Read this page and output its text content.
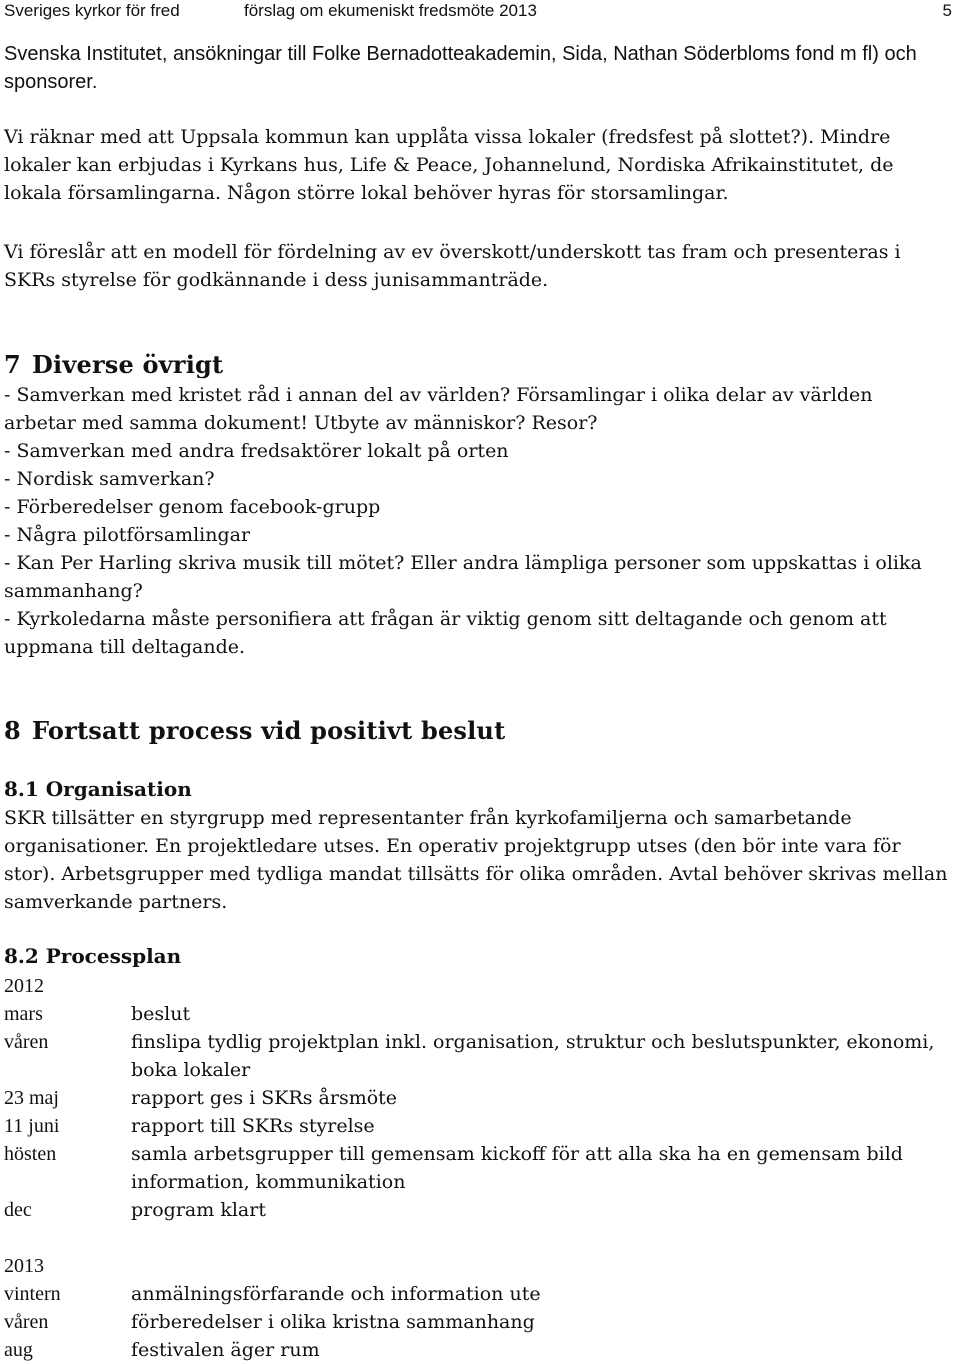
Sveriges kyrkor för fred	förslag om ekumeniskt fredsmöte 2013	5

Svenska Institutet, ansökningar till Folke Bernadotteakademin, Sida, Nathan Söderbloms fond m fl) och sponsorer.

Vi räknar med att Uppsala kommun kan upplåta vissa lokaler (fredsfest på slottet?). Mindre lokaler kan erbjudas i Kyrkans hus, Life & Peace, Johannelund, Nordiska Afrikainstitutet, de lokala församlingarna. Någon större lokal behöver hyras för storsamlingar.

Vi föreslår att en modell för fördelning av ev överskott/underskott tas fram och presenteras i SKRs styrelse för godkännande i dess junisammanträde.

7 Diverse övrigt

- Samverkan med kristet råd i annan del av världen? Församlingar i olika delar av världen arbetar med samma dokument! Utbyte av människor? Resor?

- Samverkan med andra fredsaktörer lokalt på orten

- Nordisk samverkan?

- Förberedelser genom facebook-grupp

- Några pilotförsamlingar

- Kan Per Harling skriva musik till mötet? Eller andra lämpliga personer som uppskattas i olika sammanhang?

- Kyrkoledarna måste personifiera att frågan är viktig genom sitt deltagande och genom att uppmana till deltagande.

8 Fortsatt process vid positivt beslut
8.1 Organisation

SKR tillsätter en styrgrupp med representanter från kyrkofamiljerna och samarbetande organisationer. En projektledare utses. En operativ projektgrupp utses (den bör inte vara för stor). Arbetsgrupper med tydliga mandat tillsätts för olika områden. Avtal behöver skrivas mellan samverkande partners.

8.2 Processplan
2012
mars	beslut
våren	finslipa tydlig projektplan inkl. organisation, struktur och beslutspunkter, ekonomi, boka lokaler
23 maj	rapport ges i SKRs årsmöte
11 juni	rapport till SKRs styrelse
hösten	samla arbetsgrupper till gemensam kickoff för att alla ska ha en gemensam bild information, kommunikation
dec	program klart
2013
vintern	anmälningsförfarande och information ute
våren	förberedelser i olika kristna sammanhang
aug	festivalen äger rum
